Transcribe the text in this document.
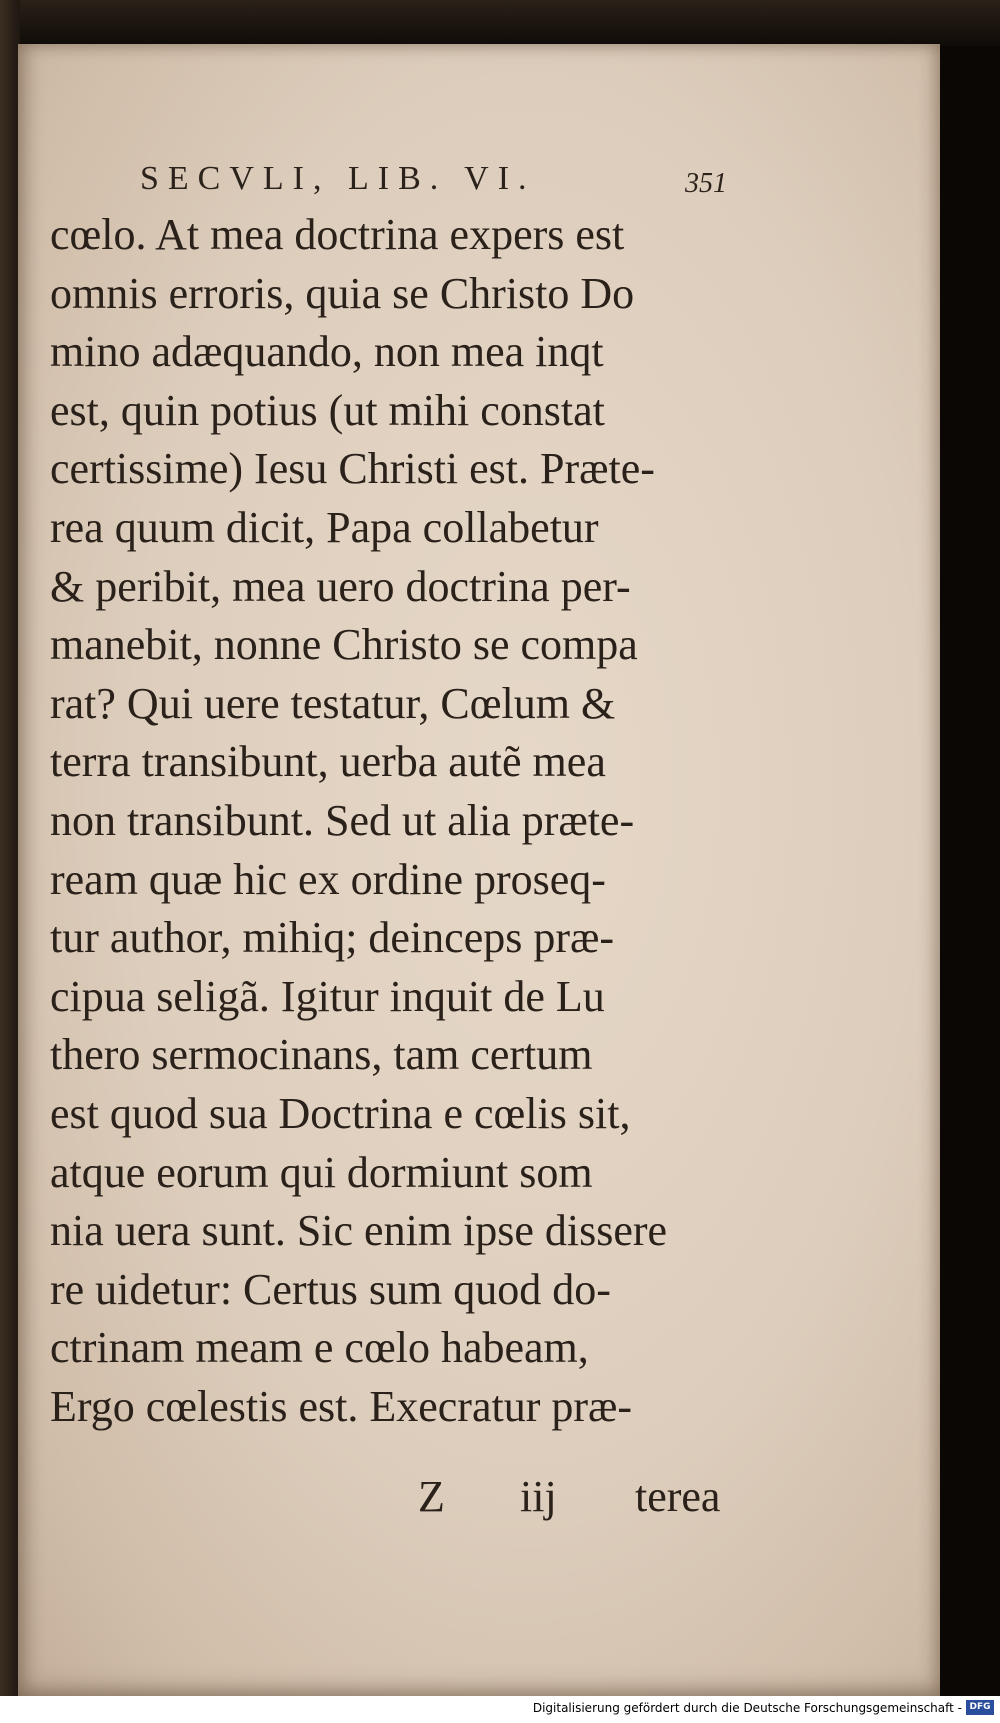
SECVLI, LIB. VI.	351
cœlo. At mea doctrina expers est
omnis erroris, quia se Christo Do
mino adæquando, non mea inqt
est, quin potius (ut mihi constat
certissime) Iesu Christi est. Præte-
rea quum dicit, Papa collabetur
& peribit, mea uero doctrina per-
manebit, nonne Christo se compa
rat? Qui uere testatur, Cœlum &
terra transibunt, uerba autẽ mea
non transibunt. Sed ut alia præte-
ream quæ hic ex ordine proseq-
tur author, mihiq; deinceps præ-
cipua seligã. Igitur inquit de Lu
thero sermocinans, tam certum
est quod sua Doctrina e cœlis sit,
atque eorum qui dormiunt som
nia uera sunt. Sic enim ipse dissere
re uidetur: Certus sum quod do-
ctrinam meam e cœlo habeam,
Ergo cœlestis est. Execratur præ-
Z iij terea
Digitalisierung gefördert durch die Deutsche Forschungsgemeinschaft - DFG
